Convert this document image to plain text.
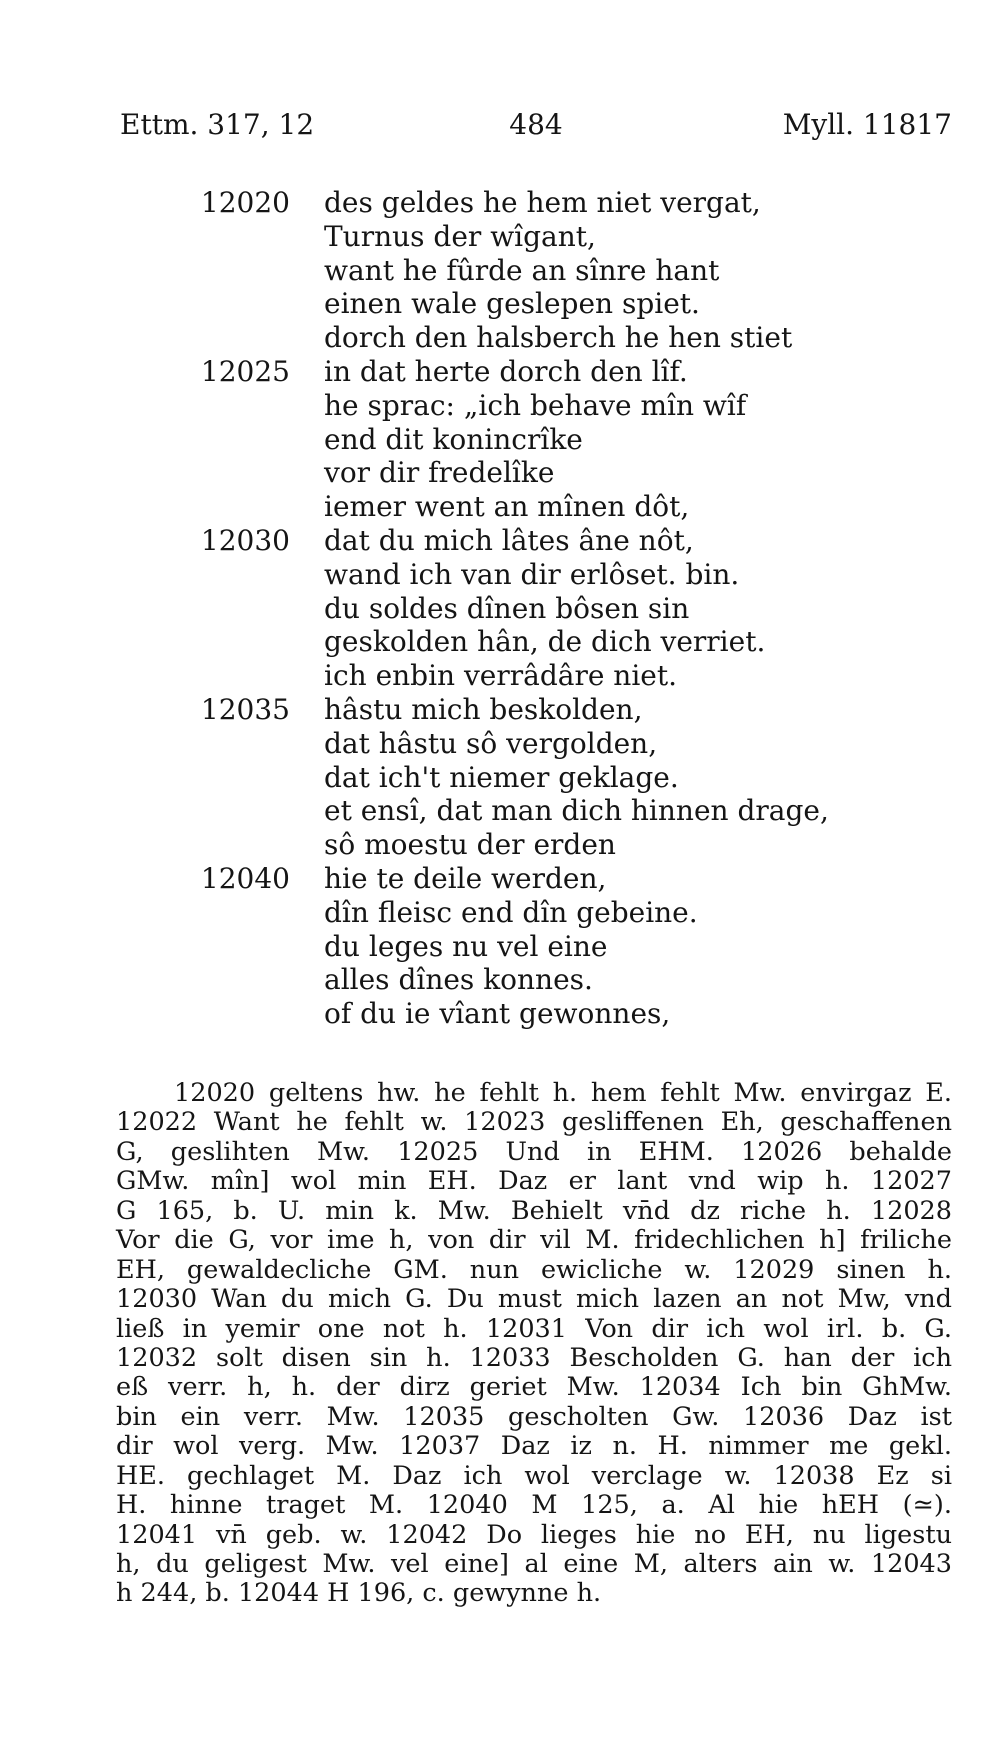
Ettm. 317, 12	484	Myll. 11817
12020 des geldes he hem niet vergat,
Turnus der wîgant,
want he fûrde an sînre hant
einen wale geslepen spiet.
dorch den halsberch he hen stiet
12025 in dat herte dorch den lîf.
he sprac: „ich behave mîn wîf
end dit konincrîke
vor dir fredelîke
iemer went an mînen dôt,
12030 dat du mich lâtes âne nôt,
wand ich van dir erlôset. bin.
du soldes dînen bôsen sin
geskolden hân, de dich verriet.
ich enbin verrâdâre niet.
12035 hâstu mich beskolden,
dat hâstu sô vergolden,
dat ich't niemer geklage.
et ensî, dat man dich hinnen drage,
sô moestu der erden
12040 hie te deile werden,
dîn fleisc end dîn gebeine.
du leges nu vel eine
alles dînes konnes.
of du ie vîant gewonnes,
12020 geltens hw. he fehlt h. hem fehlt Mw. envirgaz E.
12022 Want he fehlt w. 12023 gesliffenen Eh, geschaffenen
G, geslihten Mw. 12025 Und in EHM. 12026 behalde
GMw. mîn] wol min EH. Daz er lant vnd wip h. 12027
G 165, b. U. min k. Mw. Behielt vn̄d dz riche h. 12028
Vor die G, vor ime h, von dir vil M. fridechlichen h] friliche
EH, gewaldecliche GM. nun ewicliche w. 12029 sinen h.
12030 Wan du mich G. Du must mich lazen an not Mw, vnd
ließ in yemir one not h. 12031 Von dir ich wol irl. b. G.
12032 solt disen sin h. 12033 Bescholden G. han der ich
eß verr. h, h. der dirz geriet Mw. 12034 Ich bin GhMw.
bin ein verr. Mw. 12035 gescholten Gw. 12036 Daz ist
dir wol verg. Mw. 12037 Daz iz n. H. nimmer me gekl.
HE. gechlaget M. Daz ich wol verclage w. 12038 Ez si
H. hinne traget M. 12040 M 125, a. Al hie hEH (≃).
12041 vn̄ geb. w. 12042 Do lieges hie no EH, nu ligestu
h, du geligest Mw. vel eine] al eine M, alters ain w. 12043
h 244, b. 12044 H 196, c. gewynne h.
